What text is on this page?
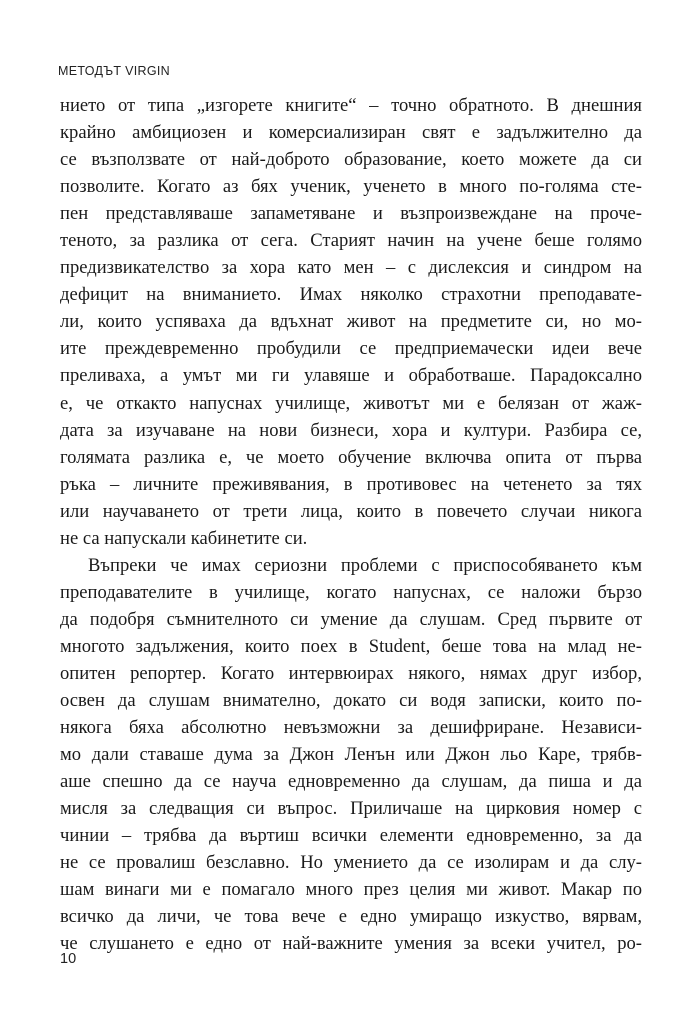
МЕТОДЪТ VIRGIN
нието от типа „изгорете книгите“ – точно обратното. В днешния
крайно амбициозен и комерсиализиран свят е задължително да
се възползвате от най-доброто образование, което можете да си
позволите. Когато аз бях ученик, ученето в много по-голяма сте-
пен представляваше запаметяване и възпроизвеждане на прочe-
теното, за разлика от сега. Старият начин на учене беше голямо
предизвикателство за хора като мен – с дислексия и синдром на
дефицит на вниманието. Имах няколко страхотни преподавате-
ли, които успяваха да вдъхнат живот на предметите си, но мо-
ите преждевременно пробудили се предприемачески идеи вече
преливаха, а умът ми ги улавяше и обработваше. Парадоксално
е, че откакто напуснах училище, животът ми е белязан от жаж-
дата за изучаване на нови бизнеси, хора и култури. Разбира се,
голямата разлика е, че моето обучение включва опита от първа
ръка – личните преживявания, в противовес на четенето за тях
или научаването от трети лица, които в повечето случаи никога
не са напускали кабинетите си.
Въпреки че имах сериозни проблеми с приспособяването към
преподавателите в училище, когато напуснах, се наложи бързо
да подобря съмнителното си умение да слушам. Сред първите от
многото задължения, които поех в Student, беше това на млад не-
опитен репортер. Когато интервюирах някого, нямах друг избор,
освен да слушам внимателно, докато си водя записки, които по-
някога бяха абсолютно невъзможни за дешифриране. Независи-
мо дали ставаше дума за Джон Ленън или Джон льо Каре, трябв-
аше спешно да се науча едновременно да слушам, да пиша и да
мисля за следващия си въпрос. Приличаше на цирковия номер с
чинии – трябва да въртиш всички елементи едновременно, за да
не се провалиш безславно. Но умението да се изолирам и да слу-
шам винаги ми е помагало много през целия ми живот. Макар по
всичко да личи, че това вече е едно умиращо изкуство, вярвам,
че слушането е едно от най-важните умения за всеки учител, ро-
10
